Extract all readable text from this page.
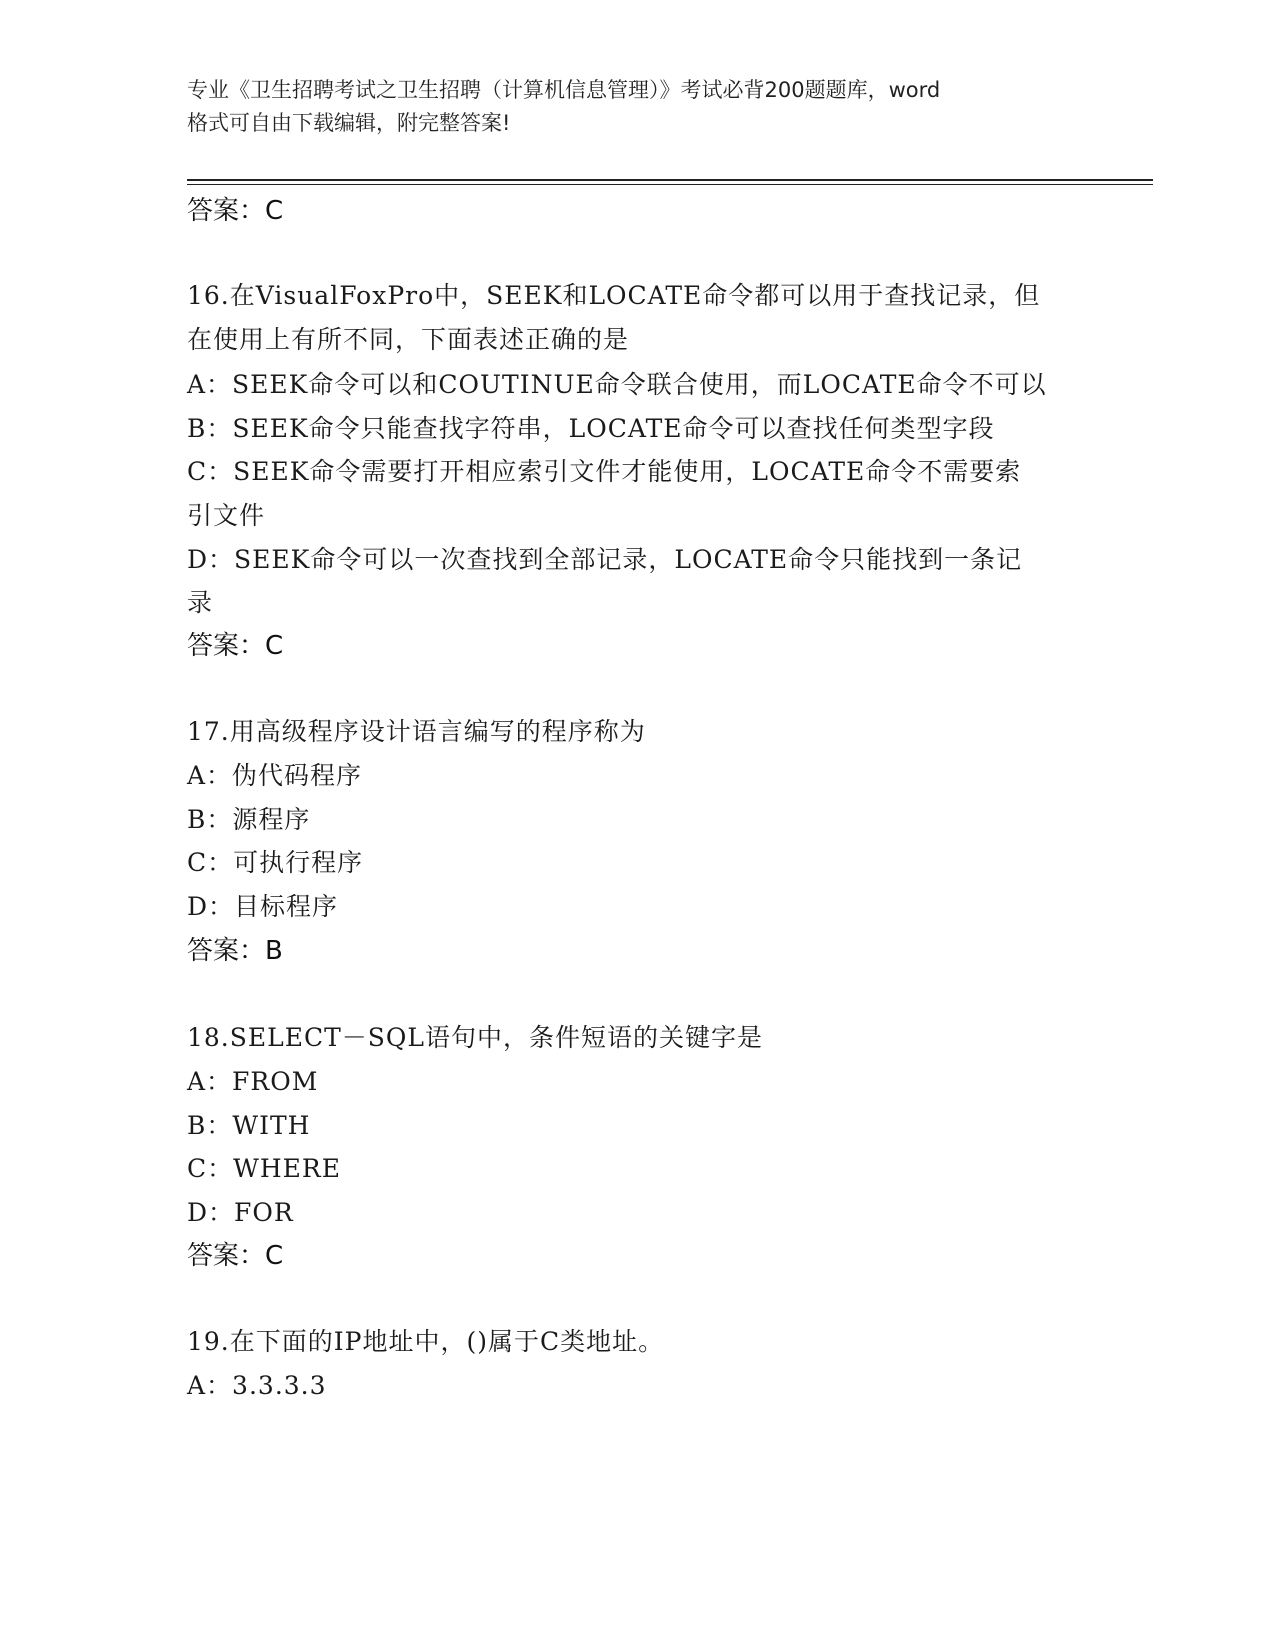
专业《卫生招聘考试之卫生招聘（计算机信息管理）》考试必背200题题库，word
格式可自由下载编辑，附完整答案!
答案：C
16.在VisualFoxPro中，SEEK和LOCATE命令都可以用于查找记录，但
在使用上有所不同，下面表述正确的是
A：SEEK命令可以和COUTINUE命令联合使用，而LOCATE命令不可以
B：SEEK命令只能查找字符串，LOCATE命令可以查找任何类型字段
C：SEEK命令需要打开相应索引文件才能使用，LOCATE命令不需要索
引文件
D：SEEK命令可以一次查找到全部记录，LOCATE命令只能找到一条记
录
答案：C
17.用高级程序设计语言编写的程序称为
A：伪代码程序
B：源程序
C：可执行程序
D：目标程序
答案：B
18.SELECT－SQL语句中，条件短语的关键字是
A：FROM
B：WITH
C：WHERE
D：FOR
答案：C
19.在下面的IP地址中，()属于C类地址。
A：3.3.3.3
